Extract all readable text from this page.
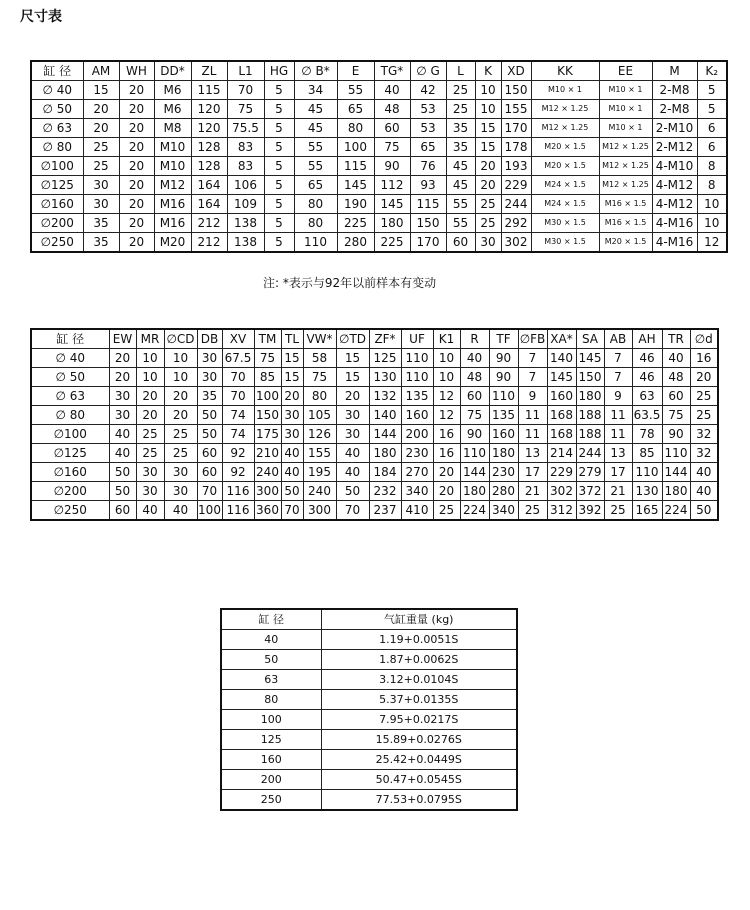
尺寸表
缸 径	AM	WH	DD*	ZL	L1	HG	∅ B*	E	TG*	∅ G	L	K	XD	KK	EE	M	K₂
∅ 40	15	20	M6	115	70	5	34	55	40	42	25	10	150	M10 × 1	M10 × 1	2-M8	5
∅ 50	20	20	M6	120	75	5	45	65	48	53	25	10	155	M12 × 1.25	M10 × 1	2-M8	5
∅ 63	20	20	M8	120	75.5	5	45	80	60	53	35	15	170	M12 × 1.25	M10 × 1	2-M10	6
∅ 80	25	20	M10	128	83	5	55	100	75	65	35	15	178	M20 × 1.5	M12 × 1.25	2-M12	6
∅100	25	20	M10	128	83	5	55	115	90	76	45	20	193	M20 × 1.5	M12 × 1.25	4-M10	8
∅125	30	20	M12	164	106	5	65	145	112	93	45	20	229	M24 × 1.5	M12 × 1.25	4-M12	8
∅160	30	20	M16	164	109	5	80	190	145	115	55	25	244	M24 × 1.5	M16 × 1.5	4-M12	10
∅200	35	20	M16	212	138	5	80	225	180	150	55	25	292	M30 × 1.5	M16 × 1.5	4-M16	10
∅250	35	20	M20	212	138	5	110	280	225	170	60	30	302	M30 × 1.5	M20 × 1.5	4-M16	12
注: *表示与92年以前样本有变动
缸 径	EW	MR	∅CD	DB	XV	TM	TL	VW*	∅TD	ZF*	UF	K1	R	TF	∅FB	XA*	SA	AB	AH	TR	∅d
∅ 40	20	10	10	30	67.5	75	15	58	15	125	110	10	40	90	7	140	145	7	46	40	16
∅ 50	20	10	10	30	70	85	15	75	15	130	110	10	48	90	7	145	150	7	46	48	20
∅ 63	30	20	20	35	70	100	20	80	20	132	135	12	60	110	9	160	180	9	63	60	25
∅ 80	30	20	20	50	74	150	30	105	30	140	160	12	75	135	11	168	188	11	63.5	75	25
∅100	40	25	25	50	74	175	30	126	30	144	200	16	90	160	11	168	188	11	78	90	32
∅125	40	25	25	60	92	210	40	155	40	180	230	16	110	180	13	214	244	13	85	110	32
∅160	50	30	30	60	92	240	40	195	40	184	270	20	144	230	17	229	279	17	110	144	40
∅200	50	30	30	70	116	300	50	240	50	232	340	20	180	280	21	302	372	21	130	180	40
∅250	60	40	40	100	116	360	70	300	70	237	410	25	224	340	25	312	392	25	165	224	50
缸 径	气缸重量 (kg)
40	1.19+0.0051S
50	1.87+0.0062S
63	3.12+0.0104S
80	5.37+0.0135S
100	7.95+0.0217S
125	15.89+0.0276S
160	25.42+0.0449S
200	50.47+0.0545S
250	77.53+0.0795S
